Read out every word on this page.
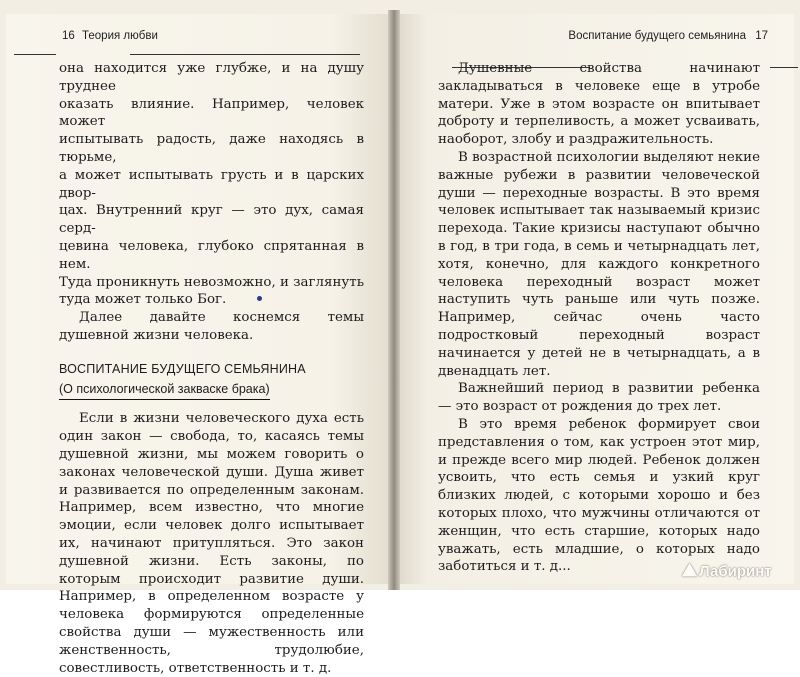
16 Теория любви	Воспитание будущего семьянина 17
она находится уже глубже, и на душу труднее
оказать влияние. Например, человек может
испытывать радость, даже находясь в тюрьме,
а может испытывать грусть и в царских двор-
цах. Внутренний круг — это дух, самая серд-
цевина человека, глубоко спрятанная в нем.
Туда проникнуть невозможно, и заглянуть
туда может только Бог.

Далее давайте коснемся темы душевной жизни человека.

ВОСПИТАНИЕ БУДУЩЕГО СЕМЬЯНИНА
(О психологической закваске брака)

Если в жизни человеческого духа есть один закон — свобода, то, касаясь темы душевной жизни, мы можем говорить о законах человеческой души. Душа живет и развивается по определенным законам. Например, всем известно, что многие эмоции, если человек долго испытывает их, начинают притупляться. Это закон душевной жизни. Есть законы, по которым происходит развитие души. Например, в определенном возрасте у человека формируются определенные свойства души — мужественность или женственность, трудолюбие, совестливость, ответственность и т. д.

Душевные свойства начинают закладываться в человеке еще в утробе матери. Уже в этом возрасте он впитывает доброту и терпеливость, а может усваивать, наоборот, злобу и раздражительность.

В возрастной психологии выделяют некие важные рубежи в развитии человеческой души — переходные возрасты. В это время человек испытывает так называемый кризис перехода. Такие кризисы наступают обычно в год, в три года, в семь и четырнадцать лет, хотя, конечно, для каждого конкретного человека переходный возраст может наступить чуть раньше или чуть позже. Например, сейчас очень часто подростковый переходный возраст начинается у детей не в четырнадцать, а в двенадцать лет.

Важнейший период в развитии ребенка — это возраст от рождения до трех лет.

В это время ребенок формирует свои представления о том, как устроен этот мир, и прежде всего мир людей. Ребенок должен усвоить, что есть семья и узкий круг близких людей, с которыми хорошо и без которых плохо, что мужчины отличаются от женщин, что есть старшие, которых надо уважать, есть младшие, о которых надо заботиться и т. д...	⛰ Лабиринт
